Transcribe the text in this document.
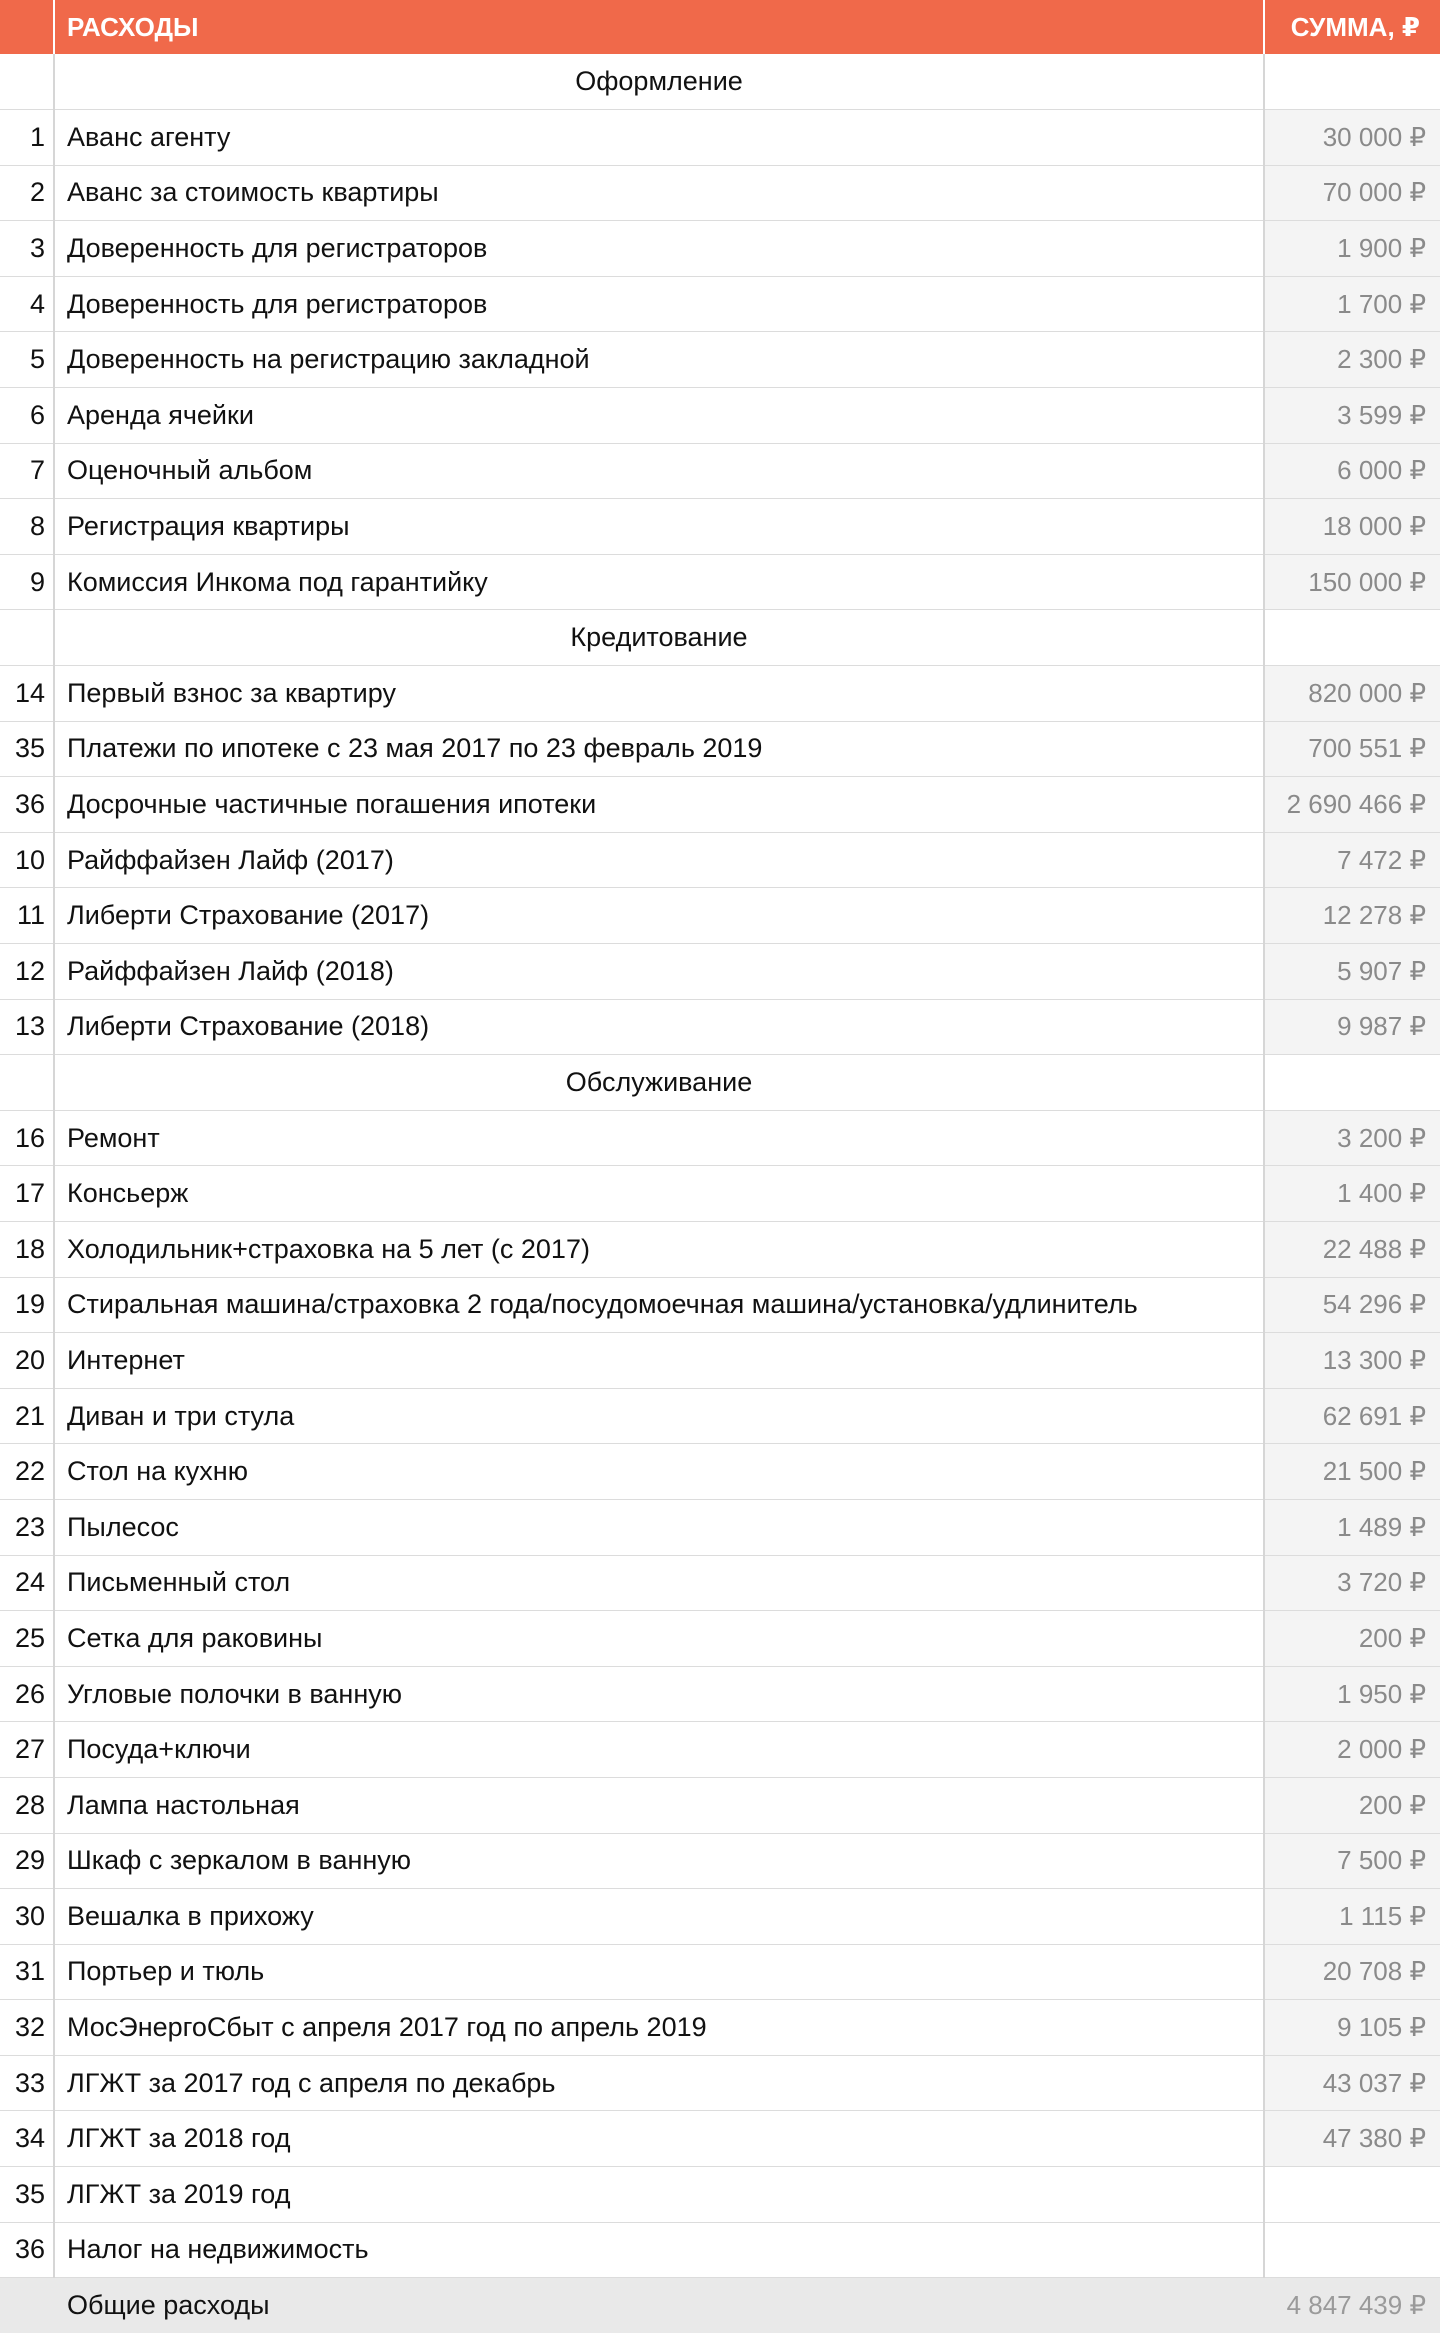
	РАСХОДЫ	СУММА, ₽
	Оформление	
1	Аванс агенту	30 000 ₽
2	Аванс за стоимость квартиры	70 000 ₽
3	Доверенность для регистраторов	1 900 ₽
4	Доверенность для регистраторов	1 700 ₽
5	Доверенность на регистрацию закладной	2 300 ₽
6	Аренда ячейки	3 599 ₽
7	Оценочный альбом	6 000 ₽
8	Регистрация квартиры	18 000 ₽
9	Комиссия Инкома под гарантийку	150 000 ₽
	Кредитование	
14	Первый взнос за квартиру	820 000 ₽
35	Платежи по ипотеке с 23 мая 2017 по 23 февраль 2019	700 551 ₽
36	Досрочные частичные погашения ипотеки	2 690 466 ₽
10	Райффайзен Лайф (2017)	7 472 ₽
11	Либерти Страхование (2017)	12 278 ₽
12	Райффайзен Лайф (2018)	5 907 ₽
13	Либерти Страхование (2018)	9 987 ₽
	Обслуживание	
16	Ремонт	3 200 ₽
17	Консьерж	1 400 ₽
18	Холодильник+страховка на 5 лет (с 2017)	22 488 ₽
19	Стиральная машина/страховка 2 года/посудомоечная машина/установка/удлинитель	54 296 ₽
20	Интернет	13 300 ₽
21	Диван и три стула	62 691 ₽
22	Стол на кухню	21 500 ₽
23	Пылесос	1 489 ₽
24	Письменный стол	3 720 ₽
25	Сетка для раковины	200 ₽
26	Угловые полочки в ванную	1 950 ₽
27	Посуда+ключи	2 000 ₽
28	Лампа настольная	200 ₽
29	Шкаф с зеркалом в ванную	7 500 ₽
30	Вешалка в прихожу	1 115 ₽
31	Портьер и тюль	20 708 ₽
32	МосЭнергоСбыт с апреля 2017 год по апрель 2019	9 105 ₽
33	ЛГЖТ за 2017 год с апреля по декабрь	43 037 ₽
34	ЛГЖТ за 2018 год	47 380 ₽
35	ЛГЖТ за 2019 год	
36	Налог на недвижимость	
	Общие расходы	4 847 439 ₽
